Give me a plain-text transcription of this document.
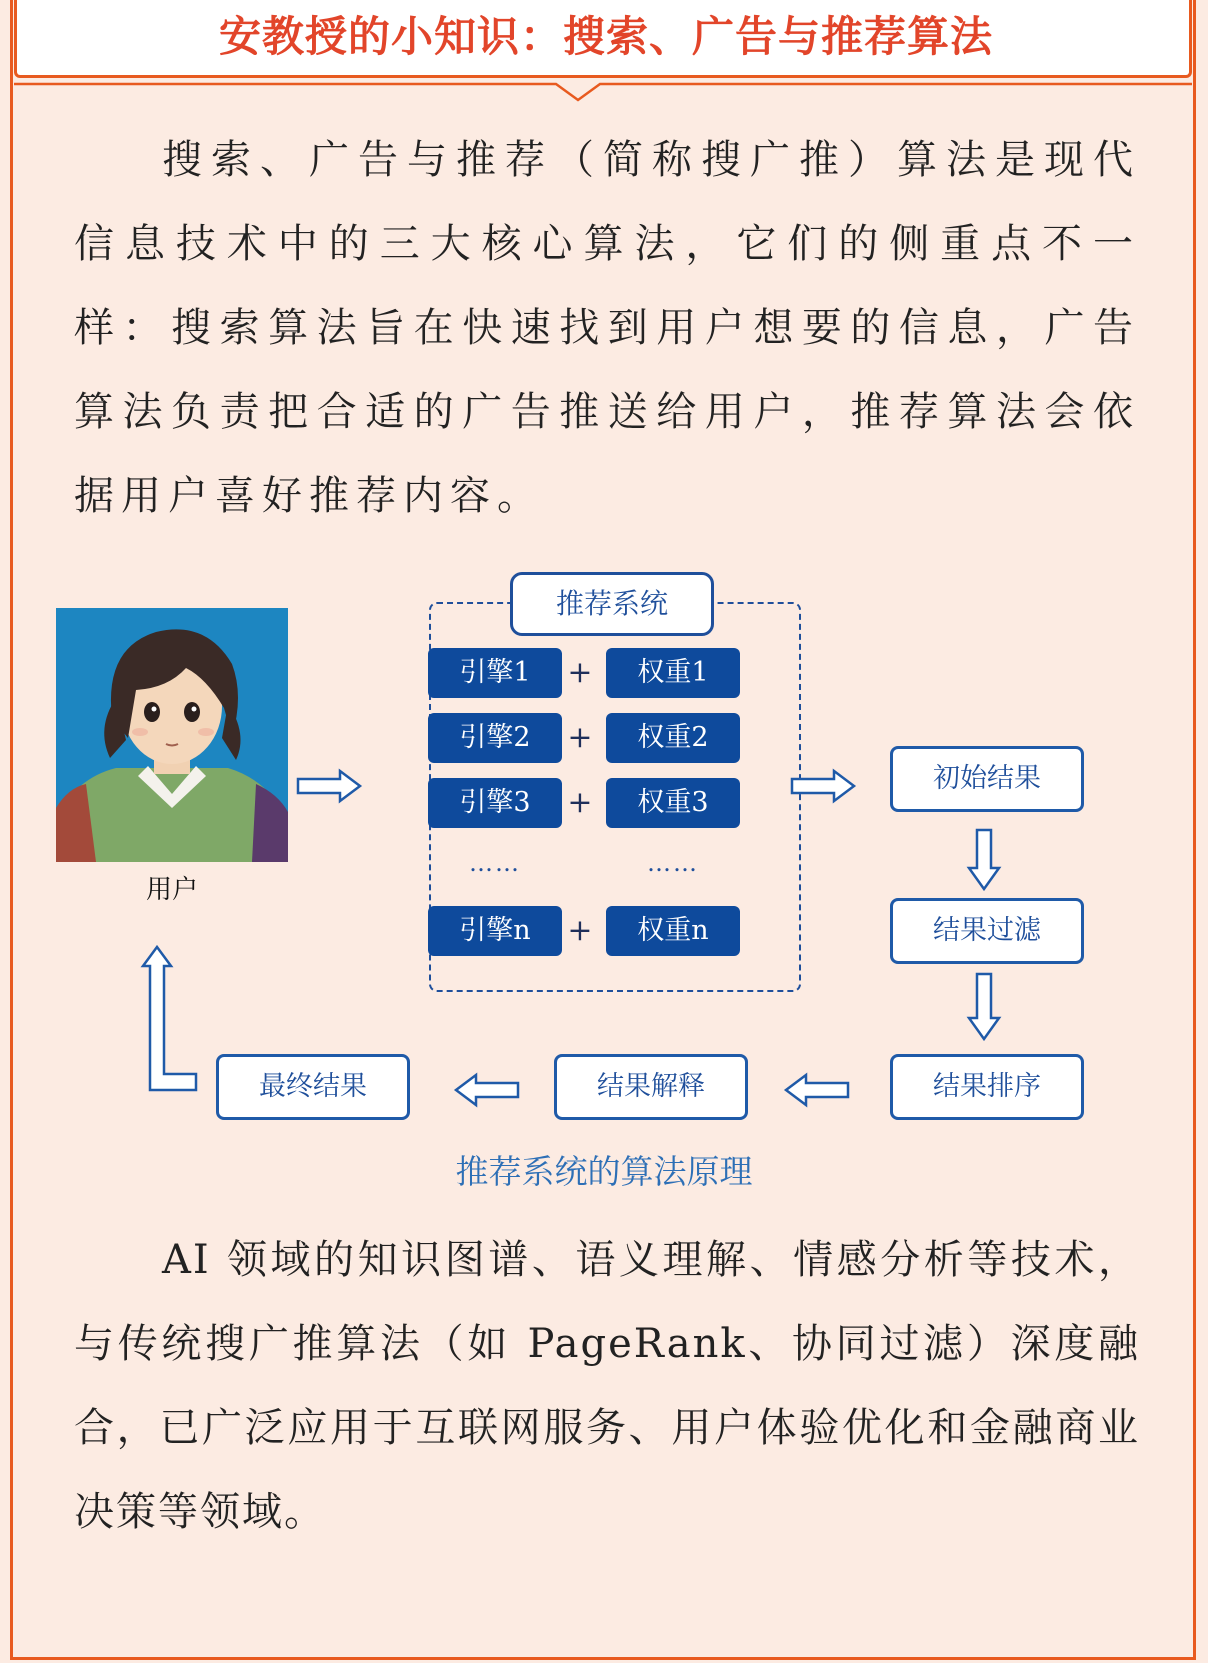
安教授的小知识：搜索、广告与推荐算法

搜索、广告与推荐（简称搜广推）算法是现代信息技术中的三大核心算法，它们的侧重点不一样：搜索算法旨在快速找到用户想要的信息，广告算法负责把合适的广告推送给用户，推荐算法会依据用户喜好推荐内容。

用户
推荐系统
引擎1	+	权重1
引擎2	+	权重2
引擎3	+	权重3
……	……
引擎n	+	权重n
初始结果
结果过滤
结果排序
结果解释
最终结果
推荐系统的算法原理

AI 领域的知识图谱、语义理解、情感分析等技术，与传统搜广推算法（如 PageRank、协同过滤）深度融合，已广泛应用于互联网服务、用户体验优化和金融商业决策等领域。
